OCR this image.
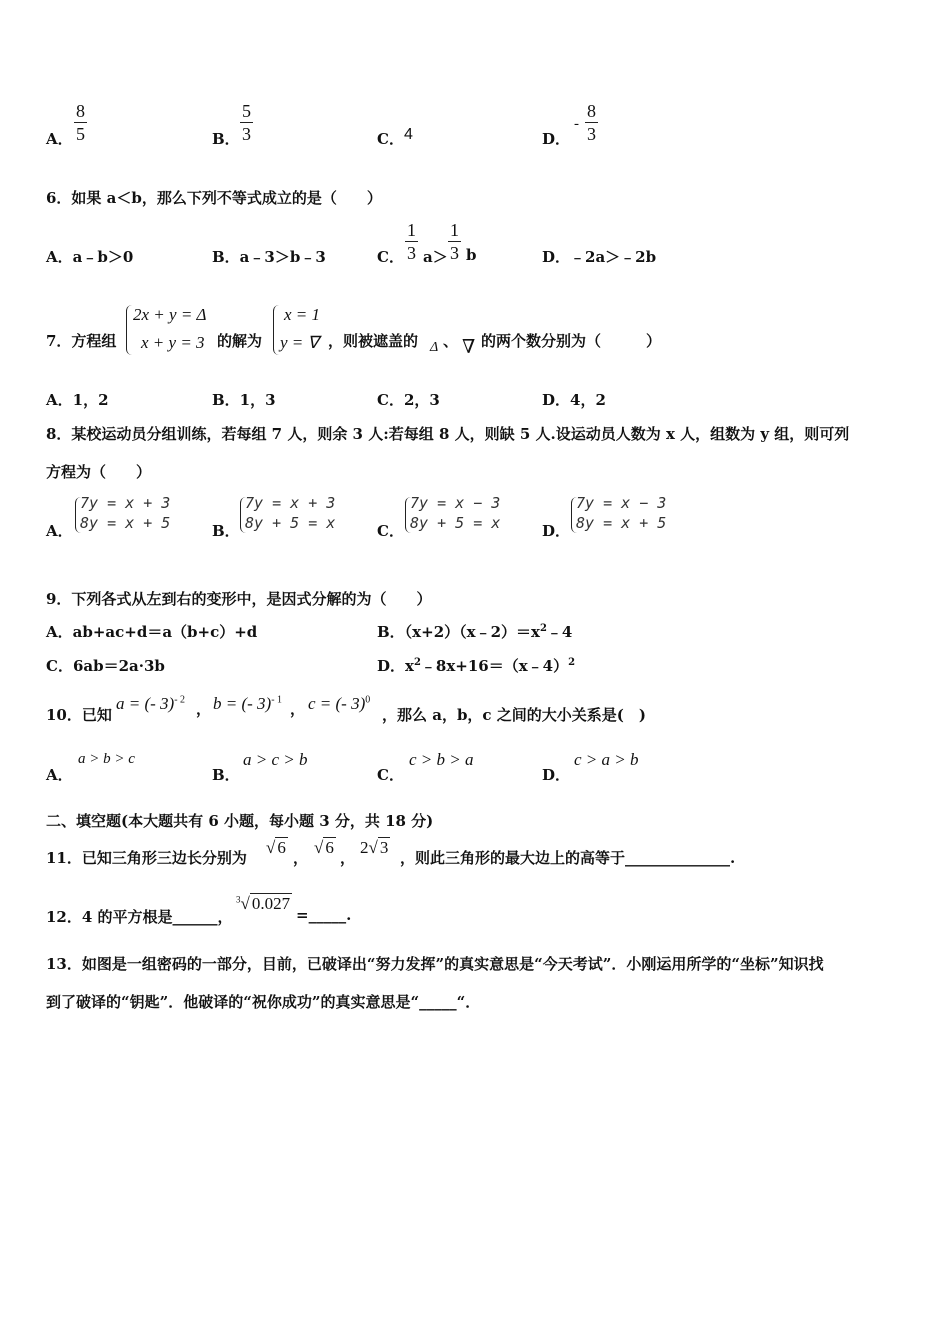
A．
8
5	B．
5
3	C． 4	D．
-
8
3
6．如果 a＜b，那么下列不等式成立的是（　　）
A．a﹣b＞0	B．a﹣3＞b﹣3	C．
1
3 a＞
1
3 b	D．﹣2a＞﹣2b
7．方程组
2x + y = Δ
x + y = 3 的解为
x = 1
y = ∇ ，则被遮盖的 Δ 、 ∇ 的两个数分别为（　　　）
A．1，2	B．1，3	C．2，3	D．4，2
8．某校运动员分组训练，若每组 7 人，则余 3 人:若每组 8 人，则缺 5 人.设运动员人数为 x 人，组数为 y 组，则可列
方程为（　　）
A．
7y = x + 3
8y = x + 5	B．
7y = x + 3
8y + 5 = x	C．
7y = x − 3
8y + 5 = x	D．
7y = x − 3
8y = x + 5
9．下列各式从左到右的变形中，是因式分解的为（　　）
A．ab+ac+d＝a（b+c）+d	B．$(x+2)(x﹣2)=x^2﹣4$
C．6ab＝2a·3b	D．$x^2﹣8x+16=(x﹣4)^2$
10．已知
a = (- 3)$^{- 2}$
， b = (- 3)$^{- 1}$
， c = (- 3)$^0$
，那么 a，b，c 之间的大小关系是(　)
A．
a > b > c
B．
a > c > b
C．
c > b > a
D．
c > a > b
二、填空题(本大题共有 6 小题，每小题 3 分，共 18 分)
11．已知三角形三边长分别为
√ 6
，
√ 6
，
2√ 3
，则此三角形的最大边上的高等于______________.
12．4 的平方根是______，
$^3$√ 0.027
=_____.
13．如图是一组密码的一部分，目前，已破译出“努力发挥”的真实意思是“今天考试”．小刚运用所学的“坐标”知识找
到了破译的“钥匙”．他破译的“祝你成功”的真实意思是“_____“．
